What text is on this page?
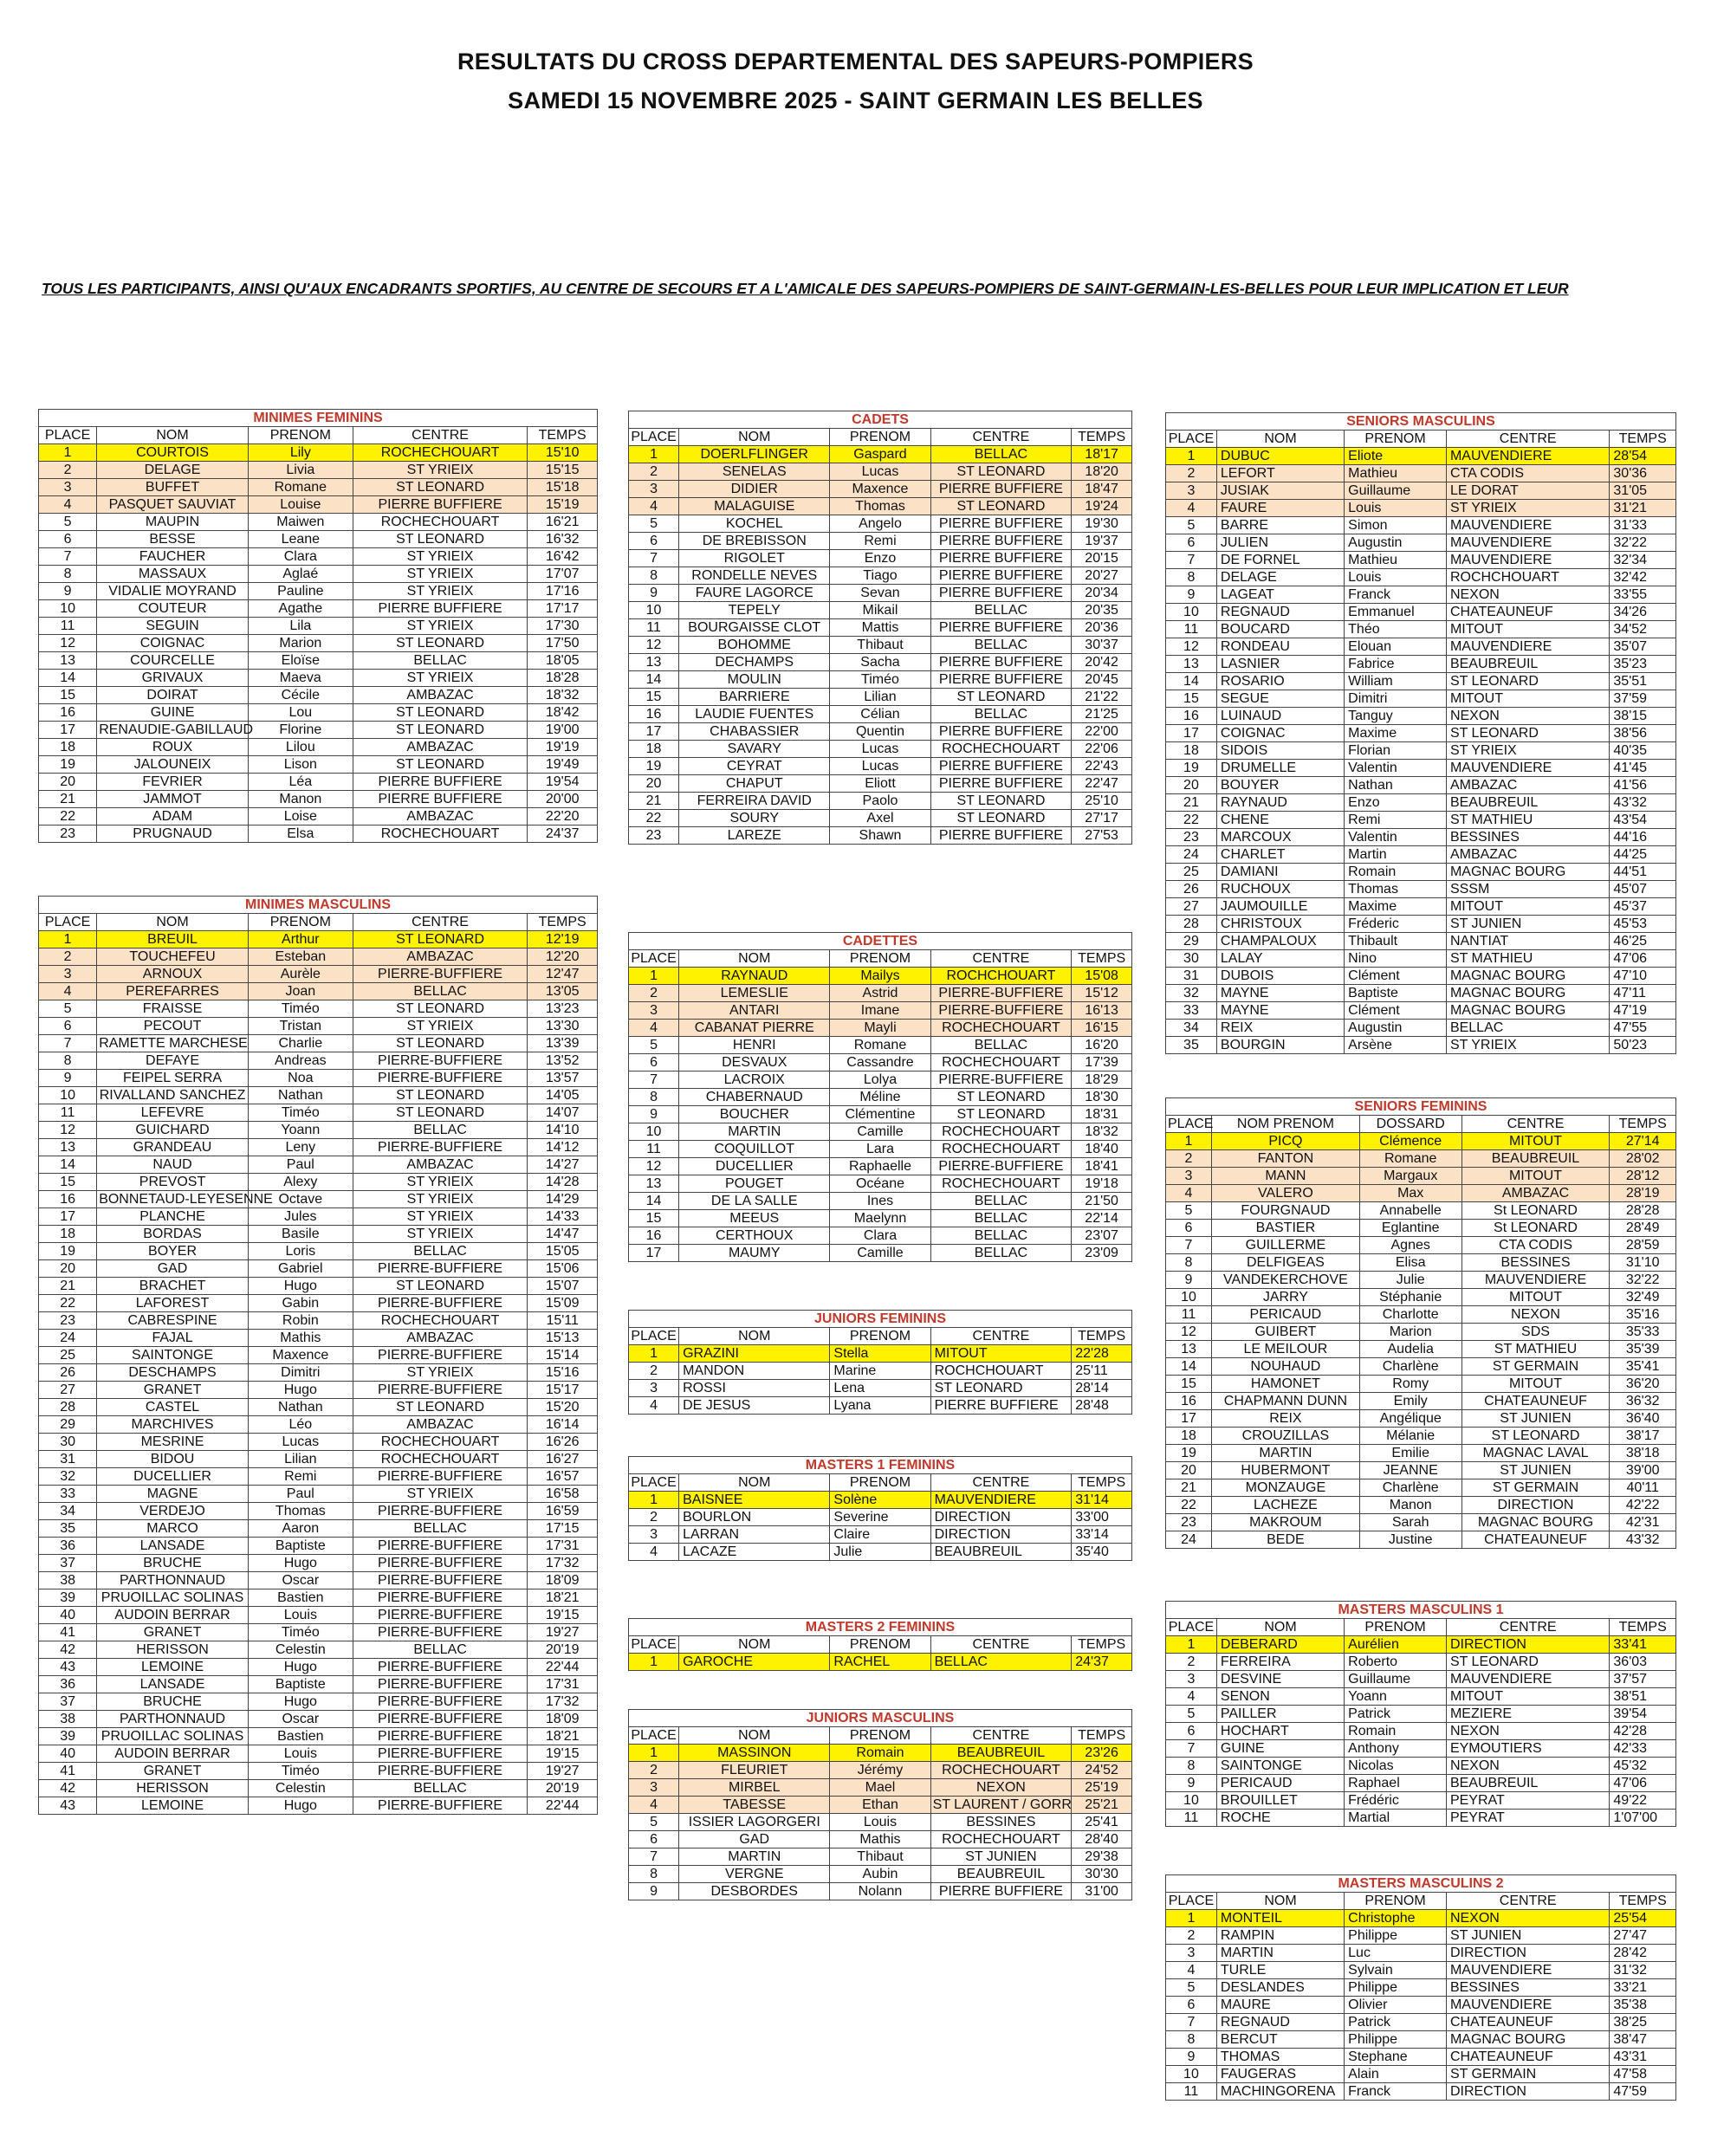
RESULTATS DU CROSS DEPARTEMENTAL DES SAPEURS-POMPIERS
SAMEDI 15 NOVEMBRE 2025 - SAINT GERMAIN LES BELLES
TOUS LES PARTICIPANTS, AINSI QU'AUX ENCADRANTS SPORTIFS, AU CENTRE DE SECOURS ET A L'AMICALE DES SAPEURS-POMPIERS DE SAINT-GERMAIN-LES-BELLES POUR LEUR IMPLICATION ET LEUR
MINIMES FEMININS				
PLACE	NOM	PRENOM	CENTRE	TEMPS
1	COURTOIS	Lily	ROCHECHOUART	15'10
2	DELAGE	Livia	ST YRIEIX	15'15
3	BUFFET	Romane	ST LEONARD	15'18
4	PASQUET SAUVIAT	Louise	PIERRE BUFFIERE	15'19
5	MAUPIN	Maiwen	ROCHECHOUART	16'21
6	BESSE	Leane	ST LEONARD	16'32
7	FAUCHER	Clara	ST YRIEIX	16'42
8	MASSAUX	Aglaé	ST YRIEIX	17'07
9	VIDALIE MOYRAND	Pauline	ST YRIEIX	17'16
10	COUTEUR	Agathe	PIERRE BUFFIERE	17'17
11	SEGUIN	Lila	ST YRIEIX	17'30
12	COIGNAC	Marion	ST LEONARD	17'50
13	COURCELLE	Eloïse	BELLAC	18'05
14	GRIVAUX	Maeva	ST YRIEIX	18'28
15	DOIRAT	Cécile	AMBAZAC	18'32
16	GUINE	Lou	ST LEONARD	18'42
17	RENAUDIE-GABILLAUD	Florine	ST LEONARD	19'00
18	ROUX	Lilou	AMBAZAC	19'19
19	JALOUNEIX	Lison	ST LEONARD	19'49
20	FEVRIER	Léa	PIERRE BUFFIERE	19'54
21	JAMMOT	Manon	PIERRE BUFFIERE	20'00
22	ADAM	Loise	AMBAZAC	22'20
23	PRUGNAUD	Elsa	ROCHECHOUART	24'37
MINIMES MASCULINS				
PLACE	NOM	PRENOM	CENTRE	TEMPS
1	BREUIL	Arthur	ST LEONARD	12'19
2	TOUCHEFEU	Esteban	AMBAZAC	12'20
3	ARNOUX	Aurèle	PIERRE-BUFFIERE	12'47
4	PEREFARRES	Joan	BELLAC	13'05
5	FRAISSE	Timéo	ST LEONARD	13'23
6	PECOUT	Tristan	ST YRIEIX	13'30
7	RAMETTE MARCHESE	Charlie	ST LEONARD	13'39
8	DEFAYE	Andreas	PIERRE-BUFFIERE	13'52
9	FEIPEL SERRA	Noa	PIERRE-BUFFIERE	13'57
10	RIVALLAND SANCHEZ	Nathan	ST LEONARD	14'05
11	LEFEVRE	Timéo	ST LEONARD	14'07
12	GUICHARD	Yoann	BELLAC	14'10
13	GRANDEAU	Leny	PIERRE-BUFFIERE	14'12
14	NAUD	Paul	AMBAZAC	14'27
15	PREVOST	Alexy	ST YRIEIX	14'28
16	BONNETAUD-LEYESENNE	Octave	ST YRIEIX	14'29
17	PLANCHE	Jules	ST YRIEIX	14'33
18	BORDAS	Basile	ST YRIEIX	14'47
19	BOYER	Loris	BELLAC	15'05
20	GAD	Gabriel	PIERRE-BUFFIERE	15'06
21	BRACHET	Hugo	ST LEONARD	15'07
22	LAFOREST	Gabin	PIERRE-BUFFIERE	15'09
23	CABRESPINE	Robin	ROCHECHOUART	15'11
24	FAJAL	Mathis	AMBAZAC	15'13
25	SAINTONGE	Maxence	PIERRE-BUFFIERE	15'14
26	DESCHAMPS	Dimitri	ST YRIEIX	15'16
27	GRANET	Hugo	PIERRE-BUFFIERE	15'17
28	CASTEL	Nathan	ST LEONARD	15'20
29	MARCHIVES	Léo	AMBAZAC	16'14
30	MESRINE	Lucas	ROCHECHOUART	16'26
31	BIDOU	Lilian	ROCHECHOUART	16'27
32	DUCELLIER	Remi	PIERRE-BUFFIERE	16'57
33	MAGNE	Paul	ST YRIEIX	16'58
34	VERDEJO	Thomas	PIERRE-BUFFIERE	16'59
35	MARCO	Aaron	BELLAC	17'15
36	LANSADE	Baptiste	PIERRE-BUFFIERE	17'31
37	BRUCHE	Hugo	PIERRE-BUFFIERE	17'32
38	PARTHONNAUD	Oscar	PIERRE-BUFFIERE	18'09
39	PRUOILLAC SOLINAS	Bastien	PIERRE-BUFFIERE	18'21
40	AUDOIN BERRAR	Louis	PIERRE-BUFFIERE	19'15
41	GRANET	Timéo	PIERRE-BUFFIERE	19'27
42	HERISSON	Celestin	BELLAC	20'19
43	LEMOINE	Hugo	PIERRE-BUFFIERE	22'44
36	LANSADE	Baptiste	PIERRE-BUFFIERE	17'31
37	BRUCHE	Hugo	PIERRE-BUFFIERE	17'32
38	PARTHONNAUD	Oscar	PIERRE-BUFFIERE	18'09
39	PRUOILLAC SOLINAS	Bastien	PIERRE-BUFFIERE	18'21
40	AUDOIN BERRAR	Louis	PIERRE-BUFFIERE	19'15
41	GRANET	Timéo	PIERRE-BUFFIERE	19'27
42	HERISSON	Celestin	BELLAC	20'19
43	LEMOINE	Hugo	PIERRE-BUFFIERE	22'44
CADETS				
PLACE	NOM	PRENOM	CENTRE	TEMPS
1	DOERLFLINGER	Gaspard	BELLAC	18'17
2	SENELAS	Lucas	ST LEONARD	18'20
3	DIDIER	Maxence	PIERRE BUFFIERE	18'47
4	MALAGUISE	Thomas	ST LEONARD	19'24
5	KOCHEL	Angelo	PIERRE BUFFIERE	19'30
6	DE BREBISSON	Remi	PIERRE BUFFIERE	19'37
7	RIGOLET	Enzo	PIERRE BUFFIERE	20'15
8	RONDELLE NEVES	Tiago	PIERRE BUFFIERE	20'27
9	FAURE LAGORCE	Sevan	PIERRE BUFFIERE	20'34
10	TEPELY	Mikail	BELLAC	20'35
11	BOURGAISSE CLOT	Mattis	PIERRE BUFFIERE	20'36
12	BOHOMME	Thibaut	BELLAC	30'37
13	DECHAMPS	Sacha	PIERRE BUFFIERE	20'42
14	MOULIN	Timéo	PIERRE BUFFIERE	20'45
15	BARRIERE	Lilian	ST LEONARD	21'22
16	LAUDIE FUENTES	Célian	BELLAC	21'25
17	CHABASSIER	Quentin	PIERRE BUFFIERE	22'00
18	SAVARY	Lucas	ROCHECHOUART	22'06
19	CEYRAT	Lucas	PIERRE BUFFIERE	22'43
20	CHAPUT	Eliott	PIERRE BUFFIERE	22'47
21	FERREIRA DAVID	Paolo	ST LEONARD	25'10
22	SOURY	Axel	ST LEONARD	27'17
23	LAREZE	Shawn	PIERRE BUFFIERE	27'53
CADETTES				
PLACE	NOM	PRENOM	CENTRE	TEMPS
1	RAYNAUD	Mailys	ROCHCHOUART	15'08
2	LEMESLIE	Astrid	PIERRE-BUFFIERE	15'12
3	ANTARI	Imane	PIERRE-BUFFIERE	16'13
4	CABANAT PIERRE	Mayli	ROCHECHOUART	16'15
5	HENRI	Romane	BELLAC	16'20
6	DESVAUX	Cassandre	ROCHECHOUART	17'39
7	LACROIX	Lolya	PIERRE-BUFFIERE	18'29
8	CHABERNAUD	Méline	ST LEONARD	18'30
9	BOUCHER	Clémentine	ST LEONARD	18'31
10	MARTIN	Camille	ROCHECHOUART	18'32
11	COQUILLOT	Lara	ROCHECHOUART	18'40
12	DUCELLIER	Raphaelle	PIERRE-BUFFIERE	18'41
13	POUGET	Océane	ROCHECHOUART	19'18
14	DE LA SALLE	Ines	BELLAC	21'50
15	MEEUS	Maelynn	BELLAC	22'14
16	CERTHOUX	Clara	BELLAC	23'07
17	MAUMY	Camille	BELLAC	23'09
JUNIORS FEMININS				
PLACE	NOM	PRENOM	CENTRE	TEMPS
1	GRAZINI	Stella	MITOUT	22'28
2	MANDON	Marine	ROCHCHOUART	25'11
3	ROSSI	Lena	ST LEONARD	28'14
4	DE JESUS	Lyana	PIERRE BUFFIERE	28'48
MASTERS 1 FEMININS				
PLACE	NOM	PRENOM	CENTRE	TEMPS
1	BAISNEE	Solène	MAUVENDIERE	31'14
2	BOURLON	Severine	DIRECTION	33'00
3	LARRAN	Claire	DIRECTION	33'14
4	LACAZE	Julie	BEAUBREUIL	35'40
MASTERS 2 FEMININS				
PLACE	NOM	PRENOM	CENTRE	TEMPS
1	GAROCHE	RACHEL	BELLAC	24'37
JUNIORS MASCULINS				
PLACE	NOM	PRENOM	CENTRE	TEMPS
1	MASSINON	Romain	BEAUBREUIL	23'26
2	FLEURIET	Jérémy	ROCHECHOUART	24'52
3	MIRBEL	Mael	NEXON	25'19
4	TABESSE	Ethan	ST LAURENT / GORR	25'21
5	ISSIER LAGORGERI	Louis	BESSINES	25'41
6	GAD	Mathis	ROCHECHOUART	28'40
7	MARTIN	Thibaut	ST JUNIEN	29'38
8	VERGNE	Aubin	BEAUBREUIL	30'30
9	DESBORDES	Nolann	PIERRE BUFFIERE	31'00
SENIORS MASCULINS				
PLACE	NOM	PRENOM	CENTRE	TEMPS
1	DUBUC	Eliote	MAUVENDIERE	28'54
2	LEFORT	Mathieu	CTA CODIS	30'36
3	JUSIAK	Guillaume	LE DORAT	31'05
4	FAURE	Louis	ST YRIEIX	31'21
5	BARRE	Simon	MAUVENDIERE	31'33
6	JULIEN	Augustin	MAUVENDIERE	32'22
7	DE FORNEL	Mathieu	MAUVENDIERE	32'34
8	DELAGE	Louis	ROCHCHOUART	32'42
9	LAGEAT	Franck	NEXON	33'55
10	REGNAUD	Emmanuel	CHATEAUNEUF	34'26
11	BOUCARD	Théo	MITOUT	34'52
12	RONDEAU	Elouan	MAUVENDIERE	35'07
13	LASNIER	Fabrice	BEAUBREUIL	35'23
14	ROSARIO	William	ST LEONARD	35'51
15	SEGUE	Dimitri	MITOUT	37'59
16	LUINAUD	Tanguy	NEXON	38'15
17	COIGNAC	Maxime	ST LEONARD	38'56
18	SIDOIS	Florian	ST YRIEIX	40'35
19	DRUMELLE	Valentin	MAUVENDIERE	41'45
20	BOUYER	Nathan	AMBAZAC	41'56
21	RAYNAUD	Enzo	BEAUBREUIL	43'32
22	CHENE	Remi	ST MATHIEU	43'54
23	MARCOUX	Valentin	BESSINES	44'16
24	CHARLET	Martin	AMBAZAC	44'25
25	DAMIANI	Romain	MAGNAC BOURG	44'51
26	RUCHOUX	Thomas	SSSM	45'07
27	JAUMOUILLE	Maxime	MITOUT	45'37
28	CHRISTOUX	Fréderic	ST JUNIEN	45'53
29	CHAMPALOUX	Thibault	NANTIAT	46'25
30	LALAY	Nino	ST MATHIEU	47'06
31	DUBOIS	Clément	MAGNAC BOURG	47'10
32	MAYNE	Baptiste	MAGNAC BOURG	47'11
33	MAYNE	Clément	MAGNAC BOURG	47'19
34	REIX	Augustin	BELLAC	47'55
35	BOURGIN	Arsène	ST YRIEIX	50'23
SENIORS FEMININS				
PLACE	NOM PRENOM	DOSSARD	CENTRE	TEMPS
1	PICQ	Clémence	MITOUT	27'14
2	FANTON	Romane	BEAUBREUIL	28'02
3	MANN	Margaux	MITOUT	28'12
4	VALERO	Max	AMBAZAC	28'19
5	FOURGNAUD	Annabelle	St LEONARD	28'28
6	BASTIER	Eglantine	St LEONARD	28'49
7	GUILLERME	Agnes	CTA CODIS	28'59
8	DELFIGEAS	Elisa	BESSINES	31'10
9	VANDEKERCHOVE	Julie	MAUVENDIERE	32'22
10	JARRY	Stéphanie	MITOUT	32'49
11	PERICAUD	Charlotte	NEXON	35'16
12	GUIBERT	Marion	SDS	35'33
13	LE MEILOUR	Audelia	ST MATHIEU	35'39
14	NOUHAUD	Charlène	ST GERMAIN	35'41
15	HAMONET	Romy	MITOUT	36'20
16	CHAPMANN DUNN	Emily	CHATEAUNEUF	36'32
17	REIX	Angélique	ST JUNIEN	36'40
18	CROUZILLAS	Mélanie	ST LEONARD	38'17
19	MARTIN	Emilie	MAGNAC LAVAL	38'18
20	HUBERMONT	JEANNE	ST JUNIEN	39'00
21	MONZAUGE	Charlène	ST GERMAIN	40'11
22	LACHEZE	Manon	DIRECTION	42'22
23	MAKROUM	Sarah	MAGNAC BOURG	42'31
24	BEDE	Justine	CHATEAUNEUF	43'32
MASTERS MASCULINS 1				
PLACE	NOM	PRENOM	CENTRE	TEMPS
1	DEBERARD	Aurélien	DIRECTION	33'41
2	FERREIRA	Roberto	ST LEONARD	36'03
3	DESVINE	Guillaume	MAUVENDIERE	37'57
4	SENON	Yoann	MITOUT	38'51
5	PAILLER	Patrick	MEZIERE	39'54
6	HOCHART	Romain	NEXON	42'28
7	GUINE	Anthony	EYMOUTIERS	42'33
8	SAINTONGE	Nicolas	NEXON	45'32
9	PERICAUD	Raphael	BEAUBREUIL	47'06
10	BROUILLET	Frédéric	PEYRAT	49'22
11	ROCHE	Martial	PEYRAT	1'07'00
MASTERS MASCULINS 2				
PLACE	NOM	PRENOM	CENTRE	TEMPS
1	MONTEIL	Christophe	NEXON	25'54
2	RAMPIN	Philippe	ST JUNIEN	27'47
3	MARTIN	Luc	DIRECTION	28'42
4	TURLE	Sylvain	MAUVENDIERE	31'32
5	DESLANDES	Philippe	BESSINES	33'21
6	MAURE	Olivier	MAUVENDIERE	35'38
7	REGNAUD	Patrick	CHATEAUNEUF	38'25
8	BERCUT	Philippe	MAGNAC BOURG	38'47
9	THOMAS	Stephane	CHATEAUNEUF	43'31
10	FAUGERAS	Alain	ST GERMAIN	47'58
11	MACHINGORENA	Franck	DIRECTION	47'59
